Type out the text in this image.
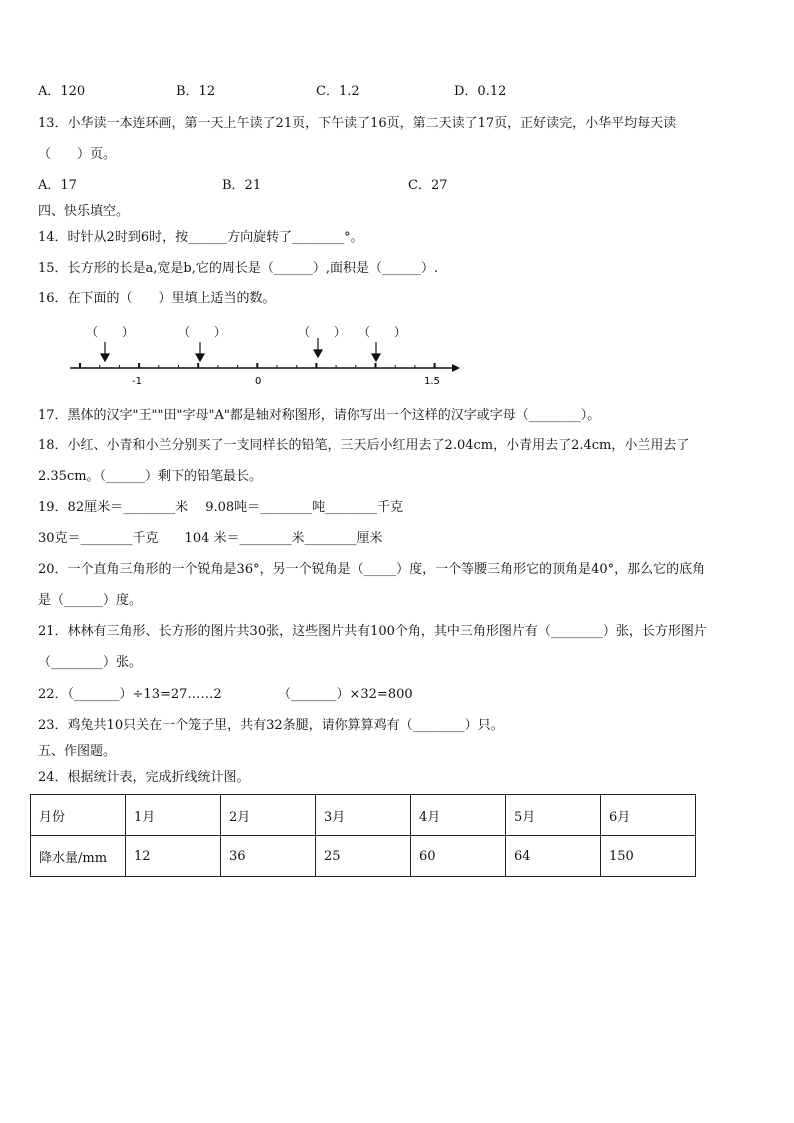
A．120	B．12	C．1.2	D．0.12
13．小华读一本连环画，第一天上午读了21页，下午读了16页，第二天读了17页，正好读完，小华平均每天读
（　　）页。
A．17	B．21	C．27
四、快乐填空。
14．时针从2时到6时，按______方向旋转了________°。
15．长方形的长是a,宽是b,它的周长是（______）,面积是（______）.
16．在下面的（　　）里填上适当的数。
（　　）	（　　）	（　　） （　　）
-1	0	1.5
17．黑体的汉字"王""田"字母"A"都是轴对称图形，请你写出一个这样的汉字或字母（________）。
18．小红、小青和小兰分别买了一支同样长的铅笔，三天后小红用去了2.04cm，小青用去了2.4cm，小兰用去了
2.35cm。（______）剩下的铅笔最长。
19．82厘米＝________米　 9.08吨＝________吨________千克
30克＝________千克　　104 米＝________米________厘米
20．一个直角三角形的一个锐角是36°，另一个锐角是（_____）度，一个等腰三角形它的顶角是40°，那么它的底角
是（______）度。
21．林林有三角形、长方形的图片共30张，这些图片共有100个角，其中三角形图片有（________）张，长方形图片
（________）张。
22．（_______）÷13=27……2	（_______）×32=800
23．鸡兔共10只关在一个笼子里，共有32条腿，请你算算鸡有（________）只。
五、作图题。
24．根据统计表，完成折线统计图。
月份	1月	2月	3月	4月	5月	6月
降水量/mm	12	36	25	60	64	150
